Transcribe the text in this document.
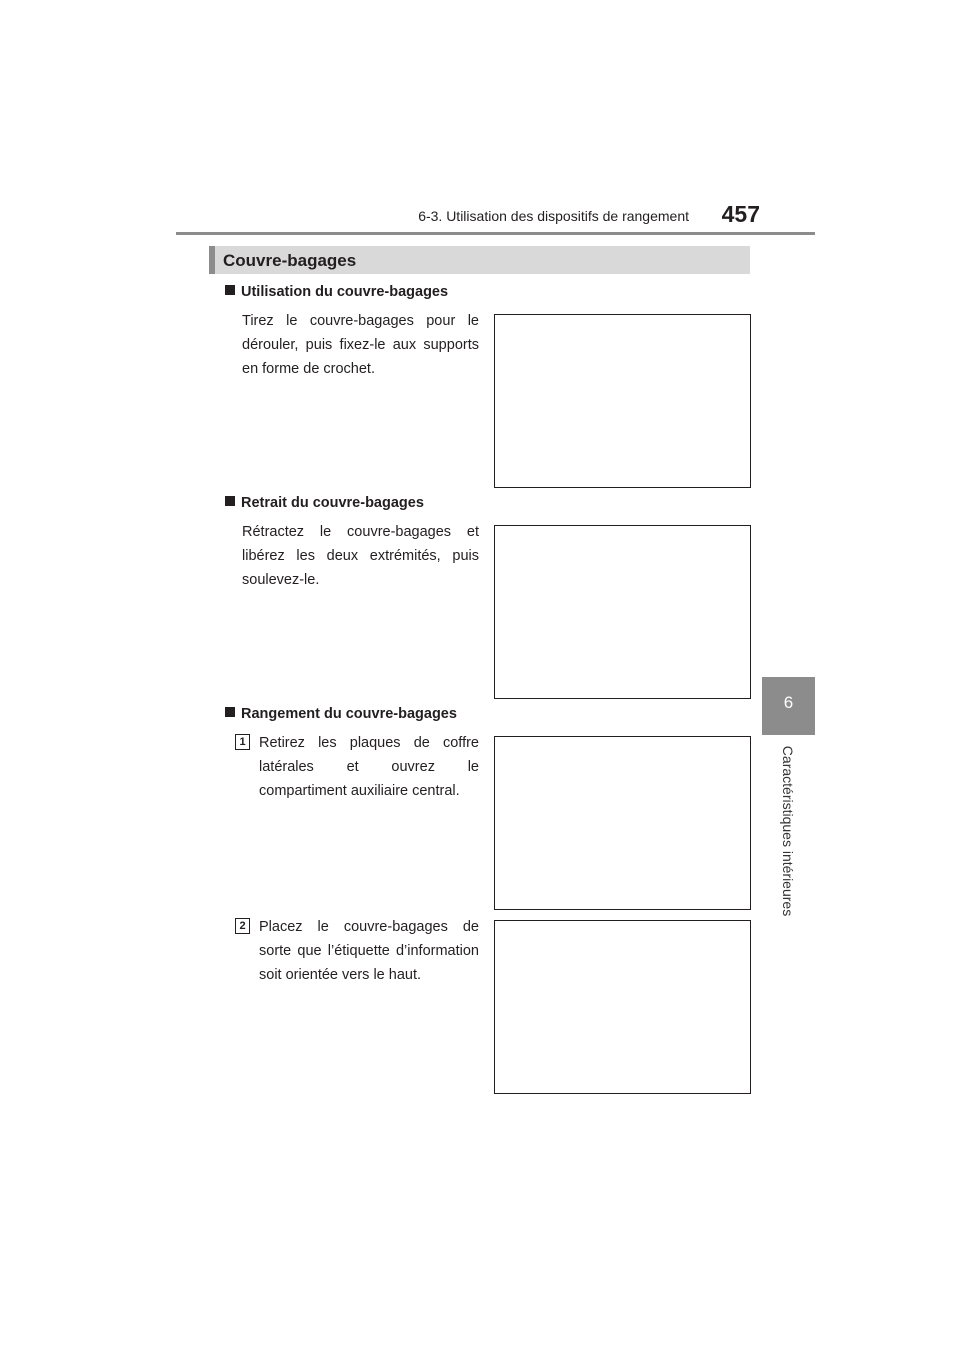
6-3. Utilisation des dispositifs de rangement 457
6
Caractéristiques intérieures
Couvre-bagages
Utilisation du couvre-bagages
Tirez le couvre-bagages pour le dérouler, puis fixez-le aux supports en forme de crochet.
Retrait du couvre-bagages
Rétractez le couvre-bagages et libérez les deux extrémités, puis soulevez-le.
Rangement du couvre-bagages
1 Retirez les plaques de coffre latérales et ouvrez le compartiment auxiliaire central.
2 Placez le couvre-bagages de sorte que l’étiquette d’information soit orientée vers le haut.
